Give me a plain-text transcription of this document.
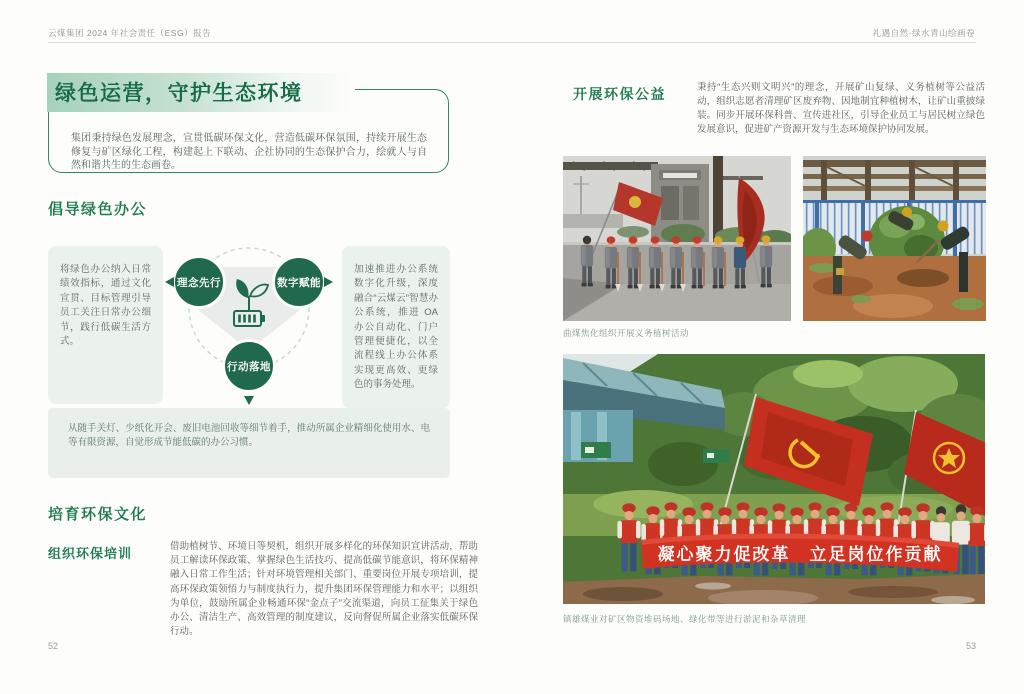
云煤集团 2024 年社会责任（ESG）报告	礼遇自然·绿水青山绘画卷
绿色运营，守护生态环境
集团秉持绿色发展理念，宣贯低碳环保文化，营造低碳环保氛围，持续开展生态修复与矿区绿化工程，构建起上下联动、企社协同的生态保护合力，绘就人与自然和谐共生的生态画卷。
倡导绿色办公
将绿色办公纳入日常绩效指标，通过文化宣贯、目标管理引导员工关注日常办公细节，践行低碳生活方式。
加速推进办公系统数字化升级，深度融合“云煤云”智慧办公系统，推进 OA 办公自动化、门户管理便捷化，以全流程线上办公体系实现更高效、更绿色的事务处理。
理念先行	数字赋能
行动落地
从随手关灯、少纸化开会、废旧电池回收等细节着手，推动所属企业精细化使用水、电等有限资源，自觉形成节能低碳的办公习惯。
培育环保文化
组织环保培训	借助植树节、环境日等契机，组织开展多样化的环保知识宣讲活动，帮助员工解读环保政策、掌握绿色生活技巧、提高低碳节能意识，将环保精神融入日常工作生活；针对环境管理相关部门、重要岗位开展专项培训，提高环保政策领悟力与制度执行力，提升集团环保管理能力和水平；以组织为单位，鼓励所属企业畅通环保“金点子”交流渠道，向员工征集关于绿色办公、清洁生产、高效管理的制度建议，反向督促所属企业落实低碳环保行动。
52
开展环保公益	秉持“生态兴则文明兴”的理念，开展矿山复绿、义务植树等公益活动，组织志愿者清理矿区废弃物、因地制宜种植树木，让矿山重披绿装。同步开展环保科普、宣传进社区，引导企业员工与居民树立绿色发展意识，促进矿产资源开发与生态环境保护协同发展。
曲煤焦化组织开展义务植树活动
凝心聚力促改革　立足岗位作贡献
镇雄煤业对矿区物资堆码场地、绿化带等进行淤泥和杂草清理
53
